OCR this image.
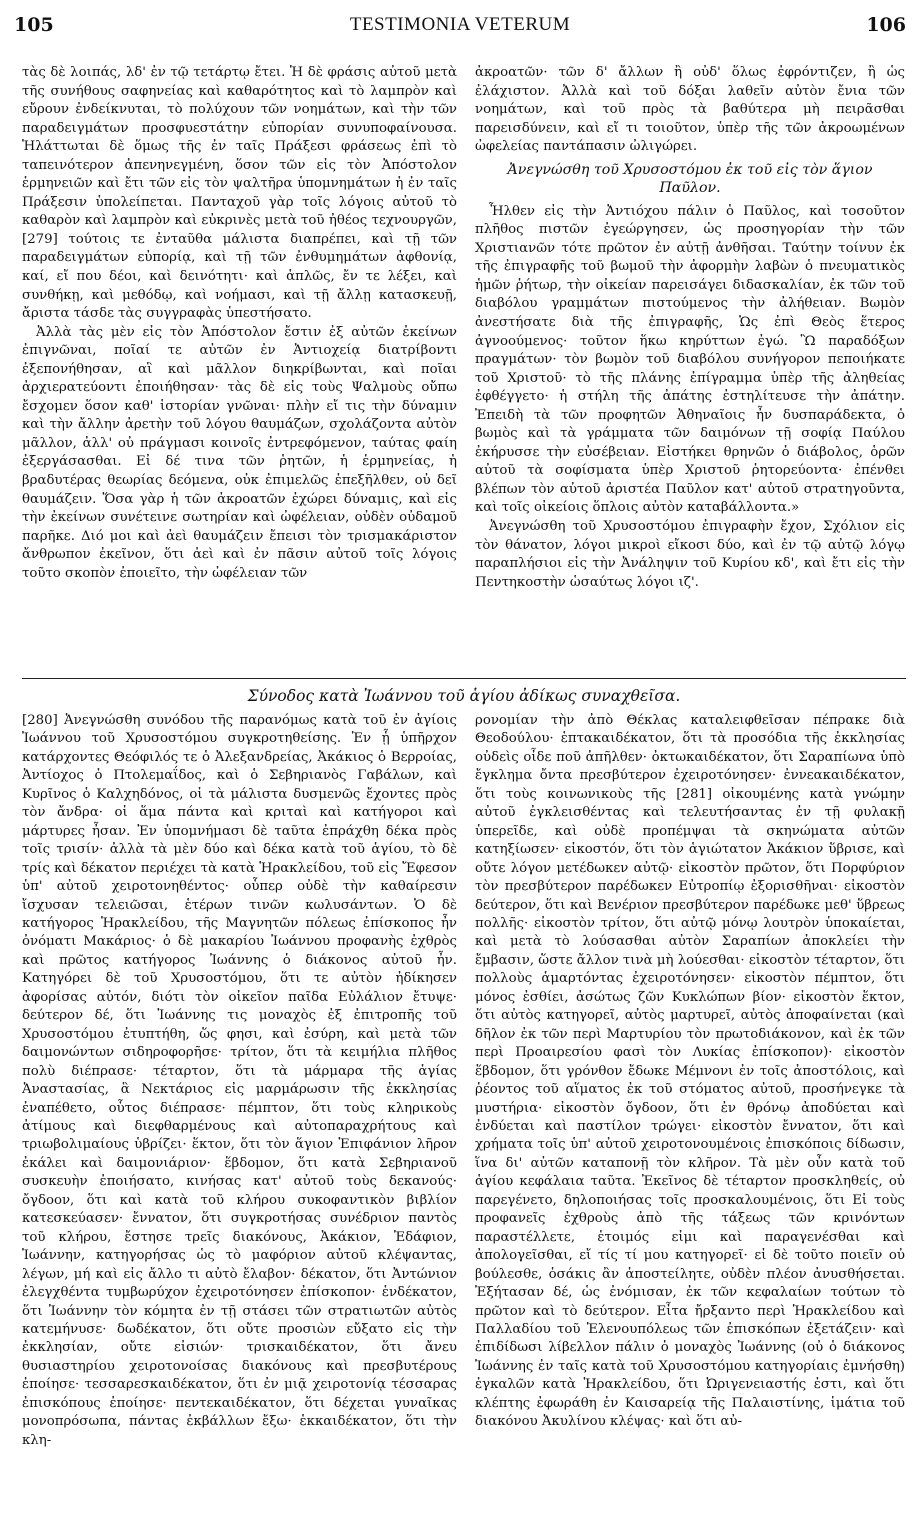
105	TESTIMONIA VETERUM	106

τὰς δὲ λοιπάς, λδ' ἐν τῷ τετάρτῳ ἔτει. Ἡ δὲ φράσις αὐτοῦ μετὰ τῆς συνήθους σαφηνείας καὶ καθαρότητος καὶ τὸ λαμπρὸν καὶ εὔρουν ἐνδείκνυται, τὸ πολύχουν τῶν νοημάτων, καὶ τὴν τῶν παραδειγμάτων προσφυεστάτην εὐπορίαν συνυποφαίνουσα. Ἡλάττωται δὲ ὅμως τῆς ἐν ταῖς Πράξεσι φράσεως ἐπὶ τὸ ταπεινότερον ἀπενηνεγμένη, ὅσον τῶν εἰς τὸν Ἀπόστολον ἑρμηνειῶν καὶ ἔτι τῶν εἰς τὸν ψαλτῆρα ὑπομνημάτων ἡ ἐν ταῖς Πράξεσιν ὑπολείπεται. Πανταχοῦ γὰρ τοῖς λόγοις αὐτοῦ τὸ καθαρὸν καὶ λαμπρὸν καὶ εὐκρινὲς μετὰ τοῦ ἠθέος τεχνουργῶν, [279] τούτοις τε ἐνταῦθα μάλιστα διαπρέπει, καὶ τῇ τῶν παραδειγμάτων εὐπορίᾳ, καὶ τῇ τῶν ἐνθυμημάτων ἀφθονίᾳ, καί, εἴ που δέοι, καὶ δεινότητι· καὶ ἁπλῶς, ἔν τε λέξει, καὶ συνθήκῃ, καὶ μεθόδῳ, καὶ νοήμασι, καὶ τῇ ἄλλῃ κατασκευῇ, ἄριστα τάσδε τὰς συγγραφὰς ὑπεστήσατο.

Ἀλλὰ τὰς μὲν εἰς τὸν Ἀπόστολον ἔστιν ἐξ αὐτῶν ἐκείνων ἐπιγνῶναι, ποῖαί τε αὐτῶν ἐν Ἀντιοχείᾳ διατρίβοντι ἐξεπονήθησαν, αἳ καὶ μᾶλλον διηκρίβωνται, καὶ ποῖαι ἀρχιερατεύοντι ἐποιήθησαν· τὰς δὲ εἰς τοὺς Ψαλμοὺς οὔπω ἔσχομεν ὅσον καθ' ἱστορίαν γνῶναι· πλὴν εἴ τις τὴν δύναμιν καὶ τὴν ἄλλην ἀρετὴν τοῦ λόγου θαυμάζων, σχολάζοντα αὐτὸν μᾶλλον, ἀλλ' οὐ πράγμασι κοινοῖς ἐντρεφόμενον, ταύτας φαίη ἐξεργάσασθαι. Εἰ δέ τινα τῶν ῥητῶν, ἡ ἑρμηνείας, ἡ βραδυτέρας θεωρίας δεόμενα, οὐκ ἐπιμελῶς ἐπεξῆλθεν, οὐ δεῖ θαυμάζειν. Ὅσα γὰρ ἡ τῶν ἀκροατῶν ἐχώρει δύναμις, καὶ εἰς τὴν ἐκείνων συνέτεινε σωτηρίαν καὶ ὠφέλειαν, οὐδὲν οὐδαμοῦ παρῆκε. Διό μοι καὶ ἀεὶ θαυμάζειν ἔπεισι τὸν τρισμακάριστον ἄνθρωπον ἐκεῖνον, ὅτι ἀεὶ καὶ ἐν πᾶσιν αὐτοῦ τοῖς λόγοις τοῦτο σκοπὸν ἐποιεῖτο, τὴν ὠφέλειαν τῶν

ἀκροατῶν· τῶν δ' ἄλλων ἢ οὐδ' ὅλως ἐφρόντιζεν, ἢ ὡς ἐλάχιστον. Ἀλλὰ καὶ τοῦ δόξαι λαθεῖν αὐτὸν ἔνια τῶν νοημάτων, καὶ τοῦ πρὸς τὰ βαθύτερα μὴ πειρᾶσθαι παρεισδύνειν, καὶ εἴ τι τοιοῦτον, ὑπὲρ τῆς τῶν ἀκροωμένων ὠφελείας παντάπασιν ὠλιγώρει.

Ἀνεγνώσθη τοῦ Χρυσοστόμου ἐκ τοῦ εἰς τὸν ἅγιον Παῦλον.

Ἦλθεν εἰς τὴν Ἀντιόχου πάλιν ὁ Παῦλος, καὶ τοσοῦτον πλῆθος πιστῶν ἐγεώργησεν, ὡς προσηγορίαν τὴν τῶν Χριστιανῶν τότε πρῶτον ἐν αὐτῇ ἀνθῆσαι. Ταύτην τοίνυν ἐκ τῆς ἐπιγραφῆς τοῦ βωμοῦ τὴν ἀφορμὴν λαβὼν ὁ πνευματικὸς ἡμῶν ῥήτωρ, τὴν οἰκείαν παρεισάγει διδασκαλίαν, ἐκ τῶν τοῦ διαβόλου γραμμάτων πιστούμενος τὴν ἀλήθειαν. Βωμὸν ἀνεστήσατε διὰ τῆς ἐπιγραφῆς, Ὡς ἐπὶ Θεὸς ἕτερος ἀγνοούμενος· τοῦτον ἥκω κηρύττων ἐγώ. Ὢ παραδόξων πραγμάτων· τὸν βωμὸν τοῦ διαβόλου συνήγορον πεποιήκατε τοῦ Χριστοῦ· τὸ τῆς πλάνης ἐπίγραμμα ὑπὲρ τῆς ἀληθείας ἐφθέγγετο· ἡ στήλη τῆς ἀπάτης ἐστηλίτευσε τὴν ἀπάτην. Ἐπειδὴ τὰ τῶν προφητῶν Ἀθηναῖοις ἦν δυσπαράδεκτα, ὁ βωμὸς καὶ τὰ γράμματα τῶν δαιμόνων τῇ σοφίᾳ Παύλου ἐκήρυσσε τὴν εὐσέβειαν. Εἰστήκει θρηνῶν ὁ διάβολος, ὁρῶν αὐτοῦ τὰ σοφίσματα ὑπὲρ Χριστοῦ ῥητορεύοντα· ἐπένθει βλέπων τὸν αὐτοῦ ἀριστέα Παῦλον κατ' αὐτοῦ στρατηγοῦντα, καὶ τοῖς οἰκείοις ὅπλοις αὐτὸν καταβάλλοντα.»

Ἀνεγνώσθη τοῦ Χρυσοστόμου ἐπιγραφὴν ἔχον, Σχόλιον εἰς τὸν θάνατον, λόγοι μικροὶ εἴκοσι δύο, καὶ ἐν τῷ αὐτῷ λόγῳ παραπλήσιοι εἰς τὴν Ἀνάληψιν τοῦ Κυρίου κδ', καὶ ἔτι εἰς τὴν Πεντηκοστὴν ὡσαύτως λόγοι ιζ'.

Σύνοδος κατὰ Ἰωάννου τοῦ ἁγίου ἀδίκως συναχθεῖσα.

[280] Ἀνεγνώσθη συνόδου τῆς παρανόμως κατὰ τοῦ ἐν ἁγίοις Ἰωάννου τοῦ Χρυσοστόμου συγκροτηθείσης. Ἐν ᾗ ὑπῆρχον κατάρχοντες Θεόφιλός τε ὁ Ἀλεξανδρείας, Ἀκάκιος ὁ Βερροίας, Ἀντίοχος ὁ Πτολεμαΐδος, καὶ ὁ Σεβηριανὸς Γαβάλων, καὶ Κυρῖνος ὁ Καλχηδόνος, οἱ τὰ μάλιστα δυσμενῶς ἔχοντες πρὸς τὸν ἄνδρα· οἱ ἅμα πάντα καὶ κριταὶ καὶ κατήγοροι καὶ μάρτυρες ἦσαν. Ἐν ὑπομνήμασι δὲ ταῦτα ἐπράχθη δέκα πρὸς τοῖς τρισίν· ἀλλὰ τὰ μὲν δύο καὶ δέκα κατὰ τοῦ ἁγίου, τὸ δὲ τρίς καὶ δέκατον περιέχει τὰ κατὰ Ἡρακλείδου, τοῦ εἰς Ἔφεσον ὑπ' αὐτοῦ χειροτονηθέντος· οὗπερ οὐδὲ τὴν καθαίρεσιν ἴσχυσαν τελειῶσαι, ἑτέρων τινῶν κωλυσάντων. Ὁ δὲ κατήγορος Ἡρακλείδου, τῆς Μαγνητῶν πόλεως ἐπίσκοπος ἦν ὀνόματι Μακάριος· ὁ δὲ μακαρίου Ἰωάννου προφανὴς ἐχθρὸς καὶ πρῶτος κατήγορος Ἰωάννης ὁ διάκονος αὐτοῦ ἦν. Κατηγόρει δὲ τοῦ Χρυσοστόμου, ὅτι τε αὐτὸν ἠδίκησεν ἀφορίσας αὐτόν, διότι τὸν οἰκεῖον παῖδα Εὐλάλιον ἔτυψε· δεύτερον δέ, ὅτι Ἰωάννης τις μοναχὸς ἐξ ἐπιτροπῆς τοῦ Χρυσοστόμου ἐτυπτήθη, ὥς φησι, καὶ ἐσύρη, καὶ μετὰ τῶν δαιμονώντων σιδηροφορῆσε· τρίτον, ὅτι τὰ κειμήλια πλῆθος πολὺ διέπρασε· τέταρτον, ὅτι τὰ μάρμαρα τῆς ἁγίας Ἀναστασίας, ἃ Νεκτάριος εἰς μαρμάρωσιν τῆς ἐκκλησίας ἐναπέθετο, οὗτος διέπρασε· πέμπτον, ὅτι τοὺς κληρικοὺς ἀτίμους καὶ διεφθαρμένους καὶ αὐτοπαραχρήτους καὶ τριωβολιμαίους ὑβρίζει· ἕκτον, ὅτι τὸν ἅγιον Ἐπιφάνιον λῆρον ἐκάλει καὶ δαιμονιάριον· ἕβδομον, ὅτι κατὰ Σεβηριανοῦ συσκευὴν ἐποιήσατο, κινήσας κατ' αὐτοῦ τοὺς δεκανούς· ὄγδοον, ὅτι καὶ κατὰ τοῦ κλήρου συκοφαντικὸν βιβλίον κατεσκεύασεν· ἔννατον, ὅτι συγκροτήσας συνέδριον παντὸς τοῦ κλήρου, ἔστησε τρεῖς διακόνους, Ἀκάκιον, Ἐδάφιον, Ἰωάννην, κατηγορήσας ὡς τὸ μαφόριον αὐτοῦ κλέψαντας, λέγων, μή καὶ εἰς ἄλλο τι αὐτὸ ἔλαβον· δέκατον, ὅτι Ἀντώνιον ἐλεγχθέντα τυμβωρύχον ἐχειροτόνησεν ἐπίσκοπον· ἑνδέκατον, ὅτι Ἰωάννην τὸν κόμητα ἐν τῇ στάσει τῶν στρατιωτῶν αὐτὸς κατεμήνυσε· δωδέκατον, ὅτι οὔτε προσιὼν εὔξατο εἰς τὴν ἐκκλησίαν, οὔτε εἰσιών· τρισκαιδέκατον, ὅτι ἄνευ θυσιαστηρίου χειροτονοίσας διακόνους καὶ πρεσβυτέρους ἐποίησε· τεσσαρεσκαιδέκατον, ὅτι ἐν μιᾷ χειροτονίᾳ τέσσαρας ἐπισκόπους ἐποίησε· πεντεκαιδέκατον, ὅτι δέχεται γυναῖκας μονοπρόσωπα, πάντας ἐκβάλλων ἔξω· ἑκκαιδέκατον, ὅτι τὴν κλη-

ρονομίαν τὴν ἀπὸ Θέκλας καταλειφθεῖσαν πέπρακε διὰ Θεοδούλου· ἑπτακαιδέκατον, ὅτι τὰ προσόδια τῆς ἐκκλησίας οὐδεὶς οἶδε ποῦ ἀπῆλθεν· ὀκτωκαιδέκατον, ὅτι Σαραπίωνα ὑπὸ ἔγκλημα ὄντα πρεσβύτερον ἐχειροτόνησεν· ἐννεακαιδέκατον, ὅτι τοὺς κοινωνικοὺς τῆς [281] οἰκουμένης κατὰ γνώμην αὐτοῦ ἐγκλεισθέντας καὶ τελευτήσαντας ἐν τῇ φυλακῇ ὑπερεῖδε, καὶ οὐδὲ προπέμψαι τὰ σκηνώματα αὐτῶν κατηξίωσεν· εἰκοστόν, ὅτι τὸν ἁγιώτατον Ἀκάκιον ὕβρισε, καὶ οὔτε λόγον μετέδωκεν αὐτῷ· εἰκοστὸν πρῶτον, ὅτι Πορφύριον τὸν πρεσβύτερον παρέδωκεν Εὐτροπίῳ ἐξορισθῆναι· εἰκοστὸν δεύτερον, ὅτι καὶ Βενέριον πρεσβύτερον παρέδωκε μεθ' ὕβρεως πολλῆς· εἰκοστὸν τρίτον, ὅτι αὐτῷ μόνῳ λουτρὸν ὑποκαίεται, καὶ μετὰ τὸ λούσασθαι αὐτὸν Σαραπίων ἀποκλείει τὴν ἔμβασιν, ὥστε ἄλλον τινὰ μὴ λούεσθαι· εἰκοστὸν τέταρτον, ὅτι πολλοὺς ἁμαρτόντας ἐχειροτόνησεν· εἰκοστὸν πέμπτον, ὅτι μόνος ἐσθίει, ἀσώτως ζῶν Κυκλώπων βίον· εἰκοστὸν ἕκτον, ὅτι αὐτὸς κατηγορεῖ, αὐτὸς μαρτυρεῖ, αὐτὸς ἀποφαίνεται (καὶ δῆλον ἐκ τῶν περὶ Μαρτυρίου τὸν πρωτοδιάκονον, καὶ ἐκ τῶν περὶ Προαιρεσίου φασὶ τὸν Λυκίας ἐπίσκοπον)· εἰκοστὸν ἕβδομον, ὅτι γρόνθον ἔδωκε Μέμνονι ἐν τοῖς ἀποστόλοις, καὶ ῥέοντος τοῦ αἵματος ἐκ τοῦ στόματος αὐτοῦ, προσήνεγκε τὰ μυστήρια· εἰκοστὸν ὄγδοον, ὅτι ἐν θρόνῳ ἀποδύεται καὶ ἐνδύεται καὶ παστίλον τρώγει· εἰκοστὸν ἔννατον, ὅτι καὶ χρήματα τοῖς ὑπ' αὐτοῦ χειροτονουμένοις ἐπισκόποις δίδωσιν, ἵνα δι' αὐτῶν καταπονῇ τὸν κλῆρον. Τὰ μὲν οὖν κατὰ τοῦ ἁγίου κεφάλαια ταῦτα. Ἐκεῖνος δὲ τέταρτον προσκληθείς, οὐ παρεγένετο, δηλοποιήσας τοῖς προσκαλουμένοις, ὅτι Εἰ τοὺς προφανεῖς ἐχθροὺς ἀπὸ τῆς τάξεως τῶν κρινόντων παραστέλλετε, ἑτοιμός εἰμι καὶ παραγενέσθαι καὶ ἀπολογεῖσθαι, εἴ τίς τί μου κατηγορεῖ· εἰ δὲ τοῦτο ποιεῖν οὐ βούλεσθε, ὁσάκις ἂν ἀποστείλητε, οὐδὲν πλέον ἀνυσθήσεται. Ἐξήτασαν δέ, ὡς ἐνόμισαν, ἐκ τῶν κεφαλαίων τούτων τὸ πρῶτον καὶ τὸ δεύτερον. Εἶτα ἤρξαντο περὶ Ἡρακλείδου καὶ Παλλαδίου τοῦ Ἑλενουπόλεως τῶν ἐπισκόπων ἐξετάζειν· καὶ ἐπιδίδωσι λίβελλον πάλιν ὁ μοναχὸς Ἰωάννης (οὐ ὁ διάκονος Ἰωάννης ἐν ταῖς κατὰ τοῦ Χρυσοστόμου κατηγορίαις ἐμνήσθη) ἐγκαλῶν κατὰ Ἡρακλείδου, ὅτι Ὠριγενειαστής ἐστι, καὶ ὅτι κλέπτης ἐφωράθη ἐν Καισαρείᾳ τῆς Παλαιστίνης, ἱμάτια τοῦ διακόνου Ἀκυλίνου κλέψας· καὶ ὅτι αὐ-
